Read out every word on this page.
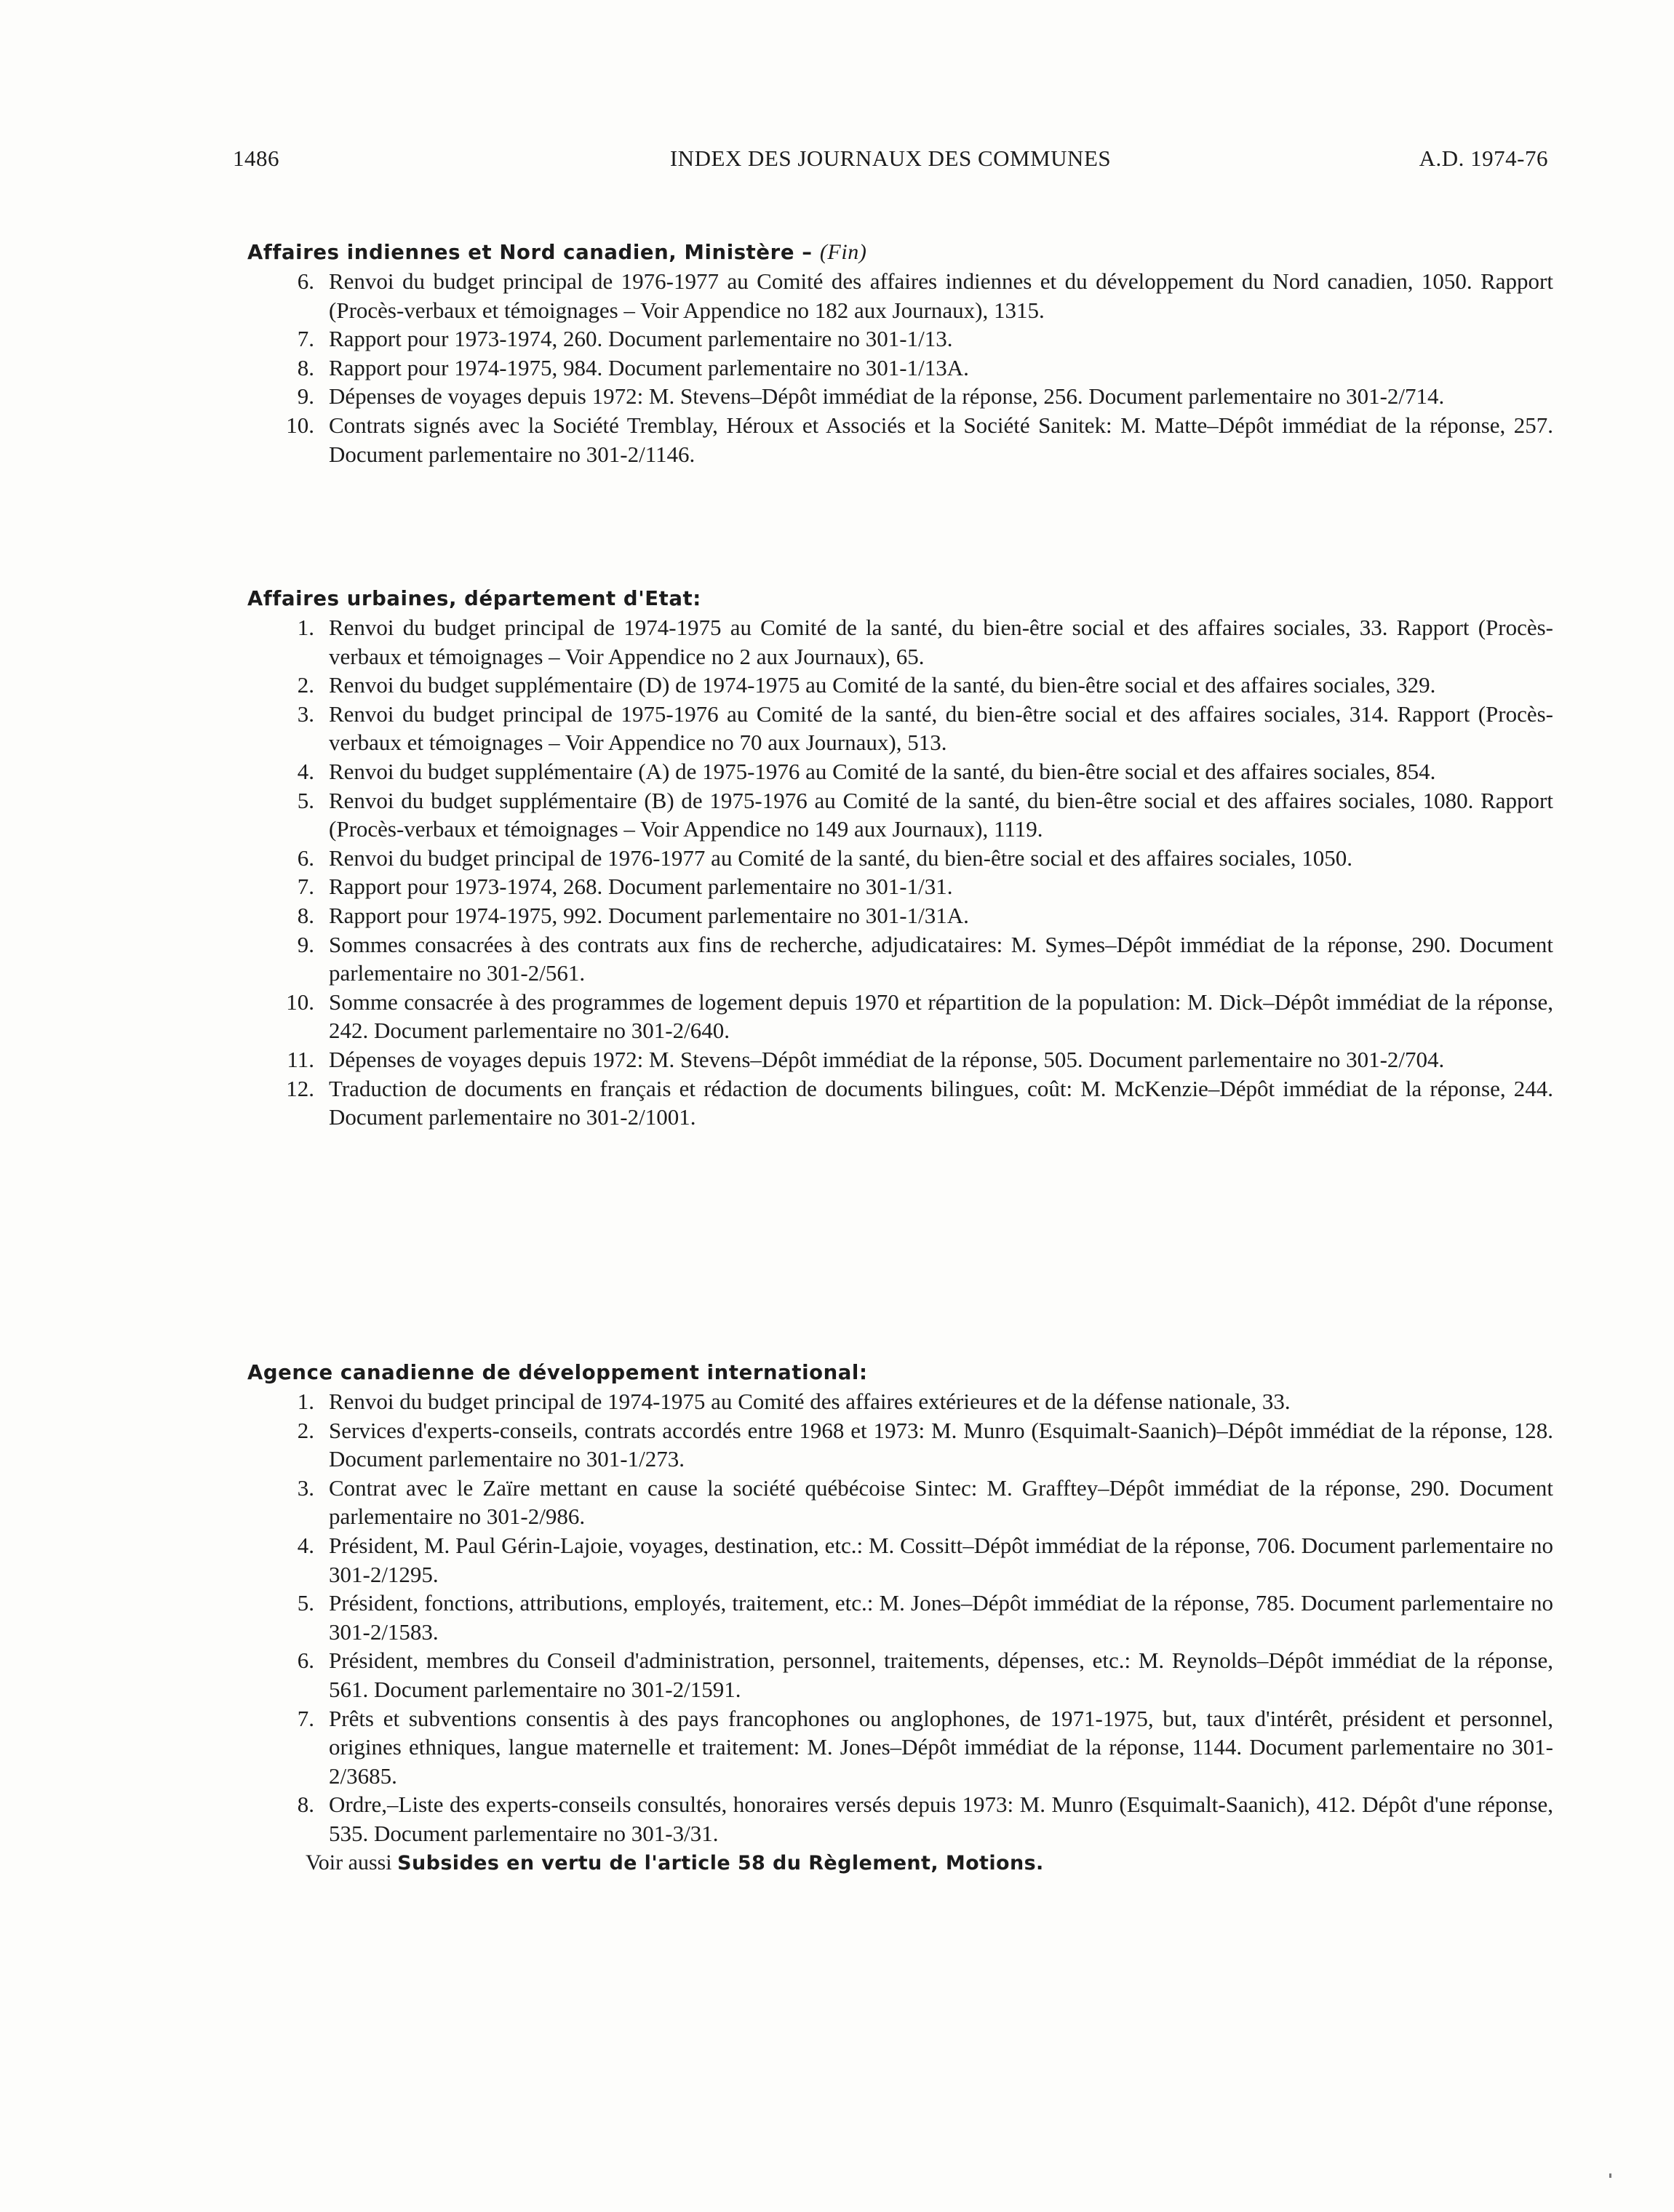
1486	INDEX DES JOURNAUX DES COMMUNES	A.D. 1974-76
Affaires indiennes et Nord canadien, Ministère – (Fin)
6. Renvoi du budget principal de 1976-1977 au Comité des affaires indiennes et du développement du Nord canadien, 1050. Rapport (Procès-verbaux et témoignages – Voir Appendice no 182 aux Journaux), 1315.
7. Rapport pour 1973-1974, 260. Document parlementaire no 301-1/13.
8. Rapport pour 1974-1975, 984. Document parlementaire no 301-1/13A.
9. Dépenses de voyages depuis 1972: M. Stevens–Dépôt immédiat de la réponse, 256. Document parlementaire no 301-2/714.
10. Contrats signés avec la Société Tremblay, Héroux et Associés et la Société Sanitek: M. Matte–Dépôt immédiat de la réponse, 257. Document parlementaire no 301-2/1146.
Affaires urbaines, département d'Etat:
1. Renvoi du budget principal de 1974-1975 au Comité de la santé, du bien-être social et des affaires sociales, 33. Rapport (Procès-verbaux et témoignages – Voir Appendice no 2 aux Journaux), 65.
2. Renvoi du budget supplémentaire (D) de 1974-1975 au Comité de la santé, du bien-être social et des affaires sociales, 329.
3. Renvoi du budget principal de 1975-1976 au Comité de la santé, du bien-être social et des affaires sociales, 314. Rapport (Procès-verbaux et témoignages – Voir Appendice no 70 aux Journaux), 513.
4. Renvoi du budget supplémentaire (A) de 1975-1976 au Comité de la santé, du bien-être social et des affaires sociales, 854.
5. Renvoi du budget supplémentaire (B) de 1975-1976 au Comité de la santé, du bien-être social et des affaires sociales, 1080. Rapport (Procès-verbaux et témoignages – Voir Appendice no 149 aux Journaux), 1119.
6. Renvoi du budget principal de 1976-1977 au Comité de la santé, du bien-être social et des affaires sociales, 1050.
7. Rapport pour 1973-1974, 268. Document parlementaire no 301-1/31.
8. Rapport pour 1974-1975, 992. Document parlementaire no 301-1/31A.
9. Sommes consacrées à des contrats aux fins de recherche, adjudicataires: M. Symes–Dépôt immédiat de la réponse, 290. Document parlementaire no 301-2/561.
10. Somme consacrée à des programmes de logement depuis 1970 et répartition de la population: M. Dick–Dépôt immédiat de la réponse, 242. Document parlementaire no 301-2/640.
11. Dépenses de voyages depuis 1972: M. Stevens–Dépôt immédiat de la réponse, 505. Document parlementaire no 301-2/704.
12. Traduction de documents en français et rédaction de documents bilingues, coût: M. McKenzie–Dépôt immédiat de la réponse, 244. Document parlementaire no 301-2/1001.
Agence canadienne de développement international:
1. Renvoi du budget principal de 1974-1975 au Comité des affaires extérieures et de la défense nationale, 33.
2. Services d'experts-conseils, contrats accordés entre 1968 et 1973: M. Munro (Esquimalt-Saanich)–Dépôt immédiat de la réponse, 128. Document parlementaire no 301-1/273.
3. Contrat avec le Zaïre mettant en cause la société québécoise Sintec: M. Grafftey–Dépôt immédiat de la réponse, 290. Document parlementaire no 301-2/986.
4. Président, M. Paul Gérin-Lajoie, voyages, destination, etc.: M. Cossitt–Dépôt immédiat de la réponse, 706. Document parlementaire no 301-2/1295.
5. Président, fonctions, attributions, employés, traitement, etc.: M. Jones–Dépôt immédiat de la réponse, 785. Document parlementaire no 301-2/1583.
6. Président, membres du Conseil d'administration, personnel, traitements, dépenses, etc.: M. Reynolds–Dépôt immédiat de la réponse, 561. Document parlementaire no 301-2/1591.
7. Prêts et subventions consentis à des pays francophones ou anglophones, de 1971-1975, but, taux d'intérêt, président et personnel, origines ethniques, langue maternelle et traitement: M. Jones–Dépôt immédiat de la réponse, 1144. Document parlementaire no 301-2/3685.
8. Ordre,–Liste des experts-conseils consultés, honoraires versés depuis 1973: M. Munro (Esquimalt-Saanich), 412. Dépôt d'une réponse, 535. Document parlementaire no 301-3/31.
Voir aussi Subsides en vertu de l'article 58 du Règlement, Motions.
